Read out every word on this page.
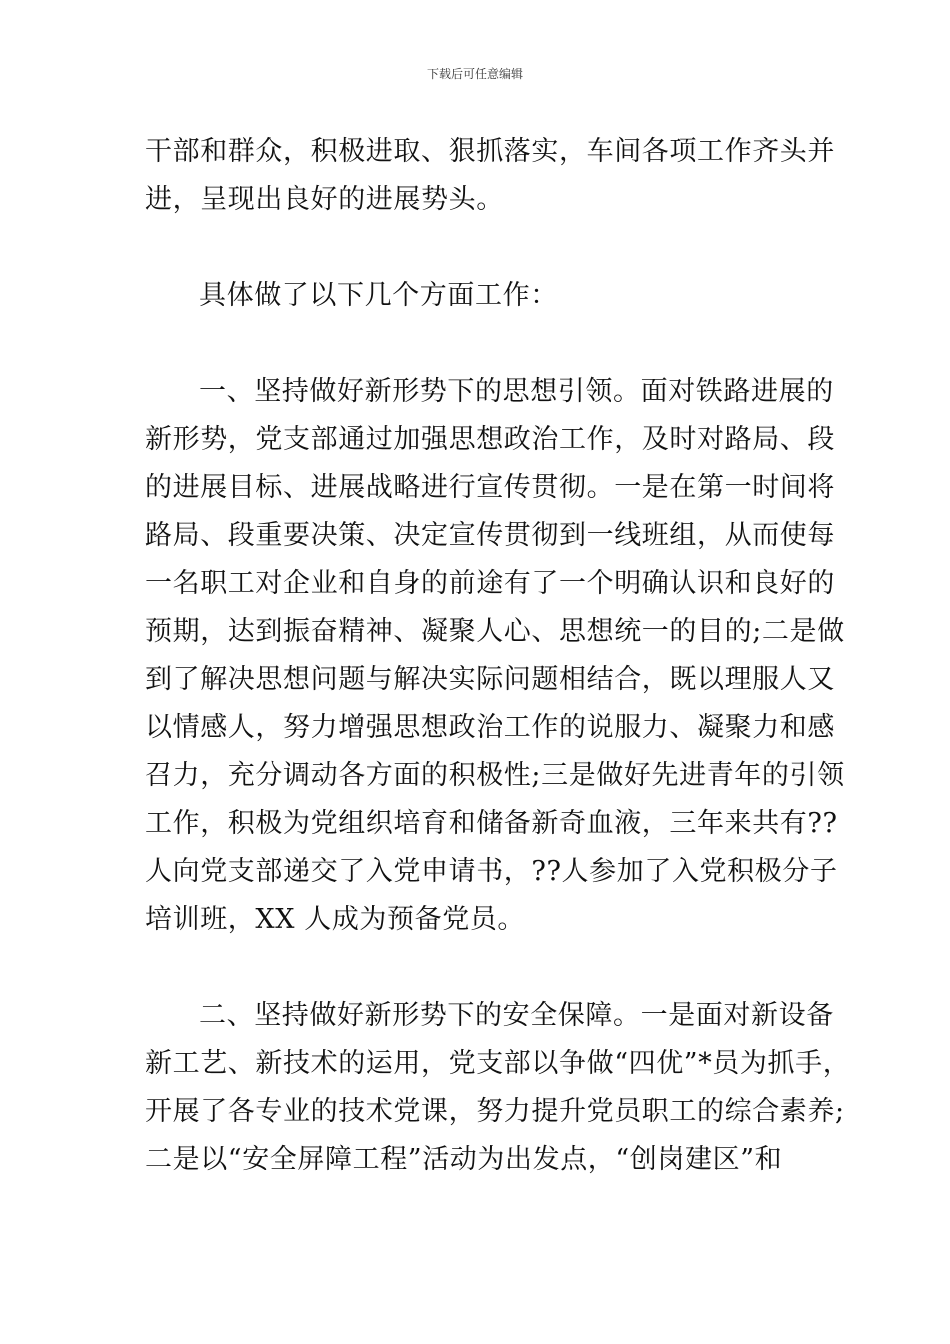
下载后可任意编辑
干部和群众，积极进取、狠抓落实，车间各项工作齐头并
进，呈现出良好的进展势头。
具体做了以下几个方面工作：
一、坚持做好新形势下的思想引领。面对铁路进展的
新形势，党支部通过加强思想政治工作，及时对路局、段
的进展目标、进展战略进行宣传贯彻。一是在第一时间将
路局、段重要决策、决定宣传贯彻到一线班组，从而使每
一名职工对企业和自身的前途有了一个明确认识和良好的
预期，达到振奋精神、凝聚人心、思想统一的目的;二是做
到了解决思想问题与解决实际问题相结合，既以理服人又
以情感人，努力增强思想政治工作的说服力、凝聚力和感
召力，充分调动各方面的积极性;三是做好先进青年的引领
工作，积极为党组织培育和储备新奇血液，三年来共有??
人向党支部递交了入党申请书，??人参加了入党积极分子
培训班，XX 人成为预备党员。
二、坚持做好新形势下的安全保障。一是面对新设备
新工艺、新技术的运用，党支部以争做“四优”*员为抓手，
开展了各专业的技术党课，努力提升党员职工的综合素养;
二是以“安全屏障工程”活动为出发点，“创岗建区”和
